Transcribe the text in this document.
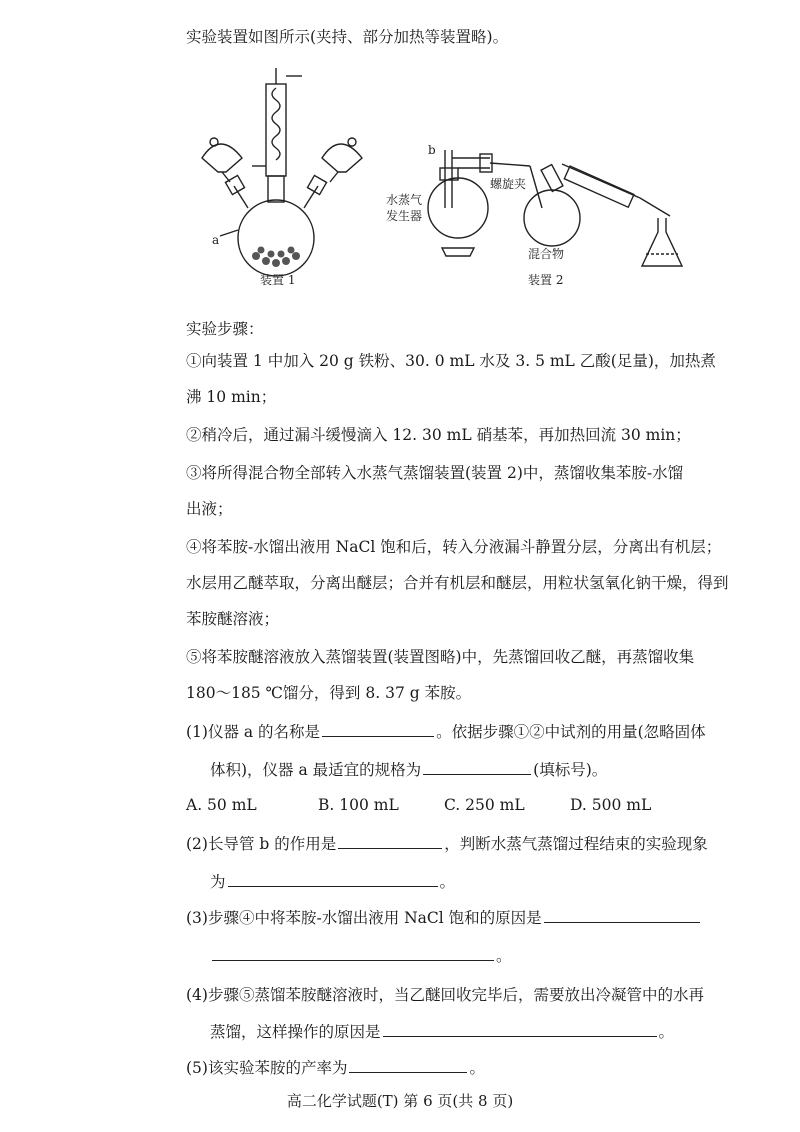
实验装置如图所示(夹持、部分加热等装置略)。
a
b
水蒸气
发生器
螺旋夹
混合物
装置 1	装置 2
实验步骤：
①向装置 1 中加入 20 g 铁粉、30. 0 mL 水及 3. 5 mL 乙酸(足量)，加热煮
沸 10 min；
②稍冷后，通过漏斗缓慢滴入 12. 30 mL 硝基苯，再加热回流 30 min；
③将所得混合物全部转入水蒸气蒸馏装置(装置 2)中，蒸馏收集苯胺-水馏
出液；
④将苯胺-水馏出液用 NaCl 饱和后，转入分液漏斗静置分层，分离出有机层；
水层用乙醚萃取，分离出醚层；合并有机层和醚层，用粒状氢氧化钠干燥，得到
苯胺醚溶液；
⑤将苯胺醚溶液放入蒸馏装置(装置图略)中，先蒸馏回收乙醚，再蒸馏收集
180～185 ℃馏分，得到 8. 37 g 苯胺。
(1)仪器 a 的名称是	。依据步骤①②中试剂的用量(忽略固体
体积)，仪器 a 最适宜的规格为	(填标号)。
A. 50 mL	B. 100 mL	C. 250 mL	D. 500 mL
(2)长导管 b 的作用是	，判断水蒸气蒸馏过程结束的实验现象
为	。
(3)步骤④中将苯胺-水馏出液用 NaCl 饱和的原因是
。
(4)步骤⑤蒸馏苯胺醚溶液时，当乙醚回收完毕后，需要放出冷凝管中的水再
蒸馏，这样操作的原因是	。
(5)该实验苯胺的产率为	。
高二化学试题(T) 第 6 页(共 8 页)
